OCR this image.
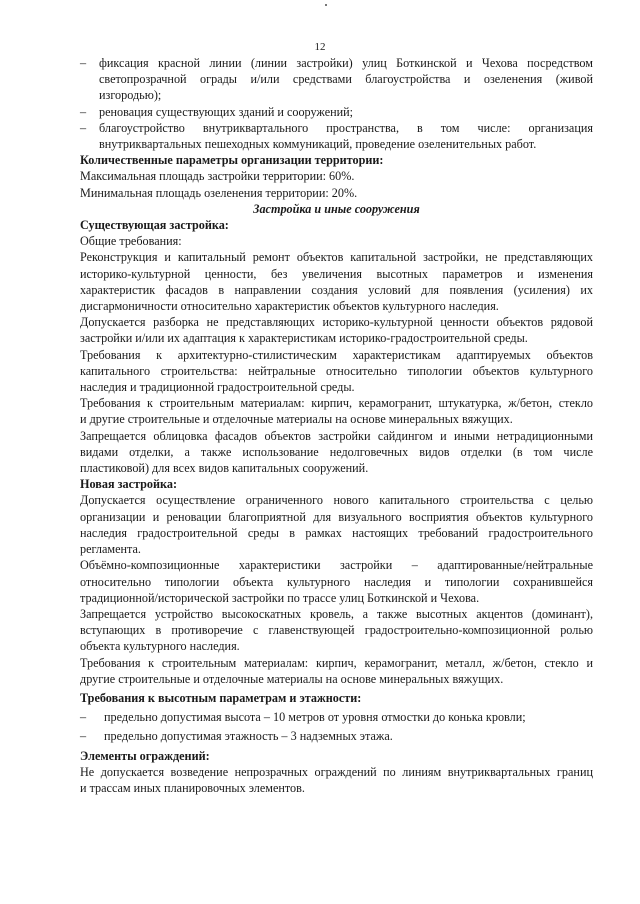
12
– фиксация красной линии (линии застройки) улиц Боткинской и Чехова посредством
светопрозрачной ограды и/или средствами благоустройства и озеленения (живой
изгородью);
– реновация существующих зданий и сооружений;
– благоустройство внутриквартального пространства, в том числе: организация
внутриквартальных пешеходных коммуникаций, проведение озеленительных работ.
Количественные параметры организации территории:
Максимальная площадь застройки территории: 60%.
Минимальная площадь озеленения территории: 20%.
Застройка и иные сооружения
Существующая застройка:
Общие требования:
Реконструкция и капитальный ремонт объектов капитальной застройки, не представляющих
историко-культурной ценности, без увеличения высотных параметров и изменения
характеристик фасадов в направлении создания условий для появления (усиления) их
дисгармоничности относительно характеристик объектов культурного наследия.
Допускается разборка не представляющих историко-культурной ценности объектов рядовой
застройки и/или их адаптация к характеристикам историко-градостроительной среды.
Требования к архитектурно-стилистическим характеристикам адаптируемых объектов
капитального строительства: нейтральные относительно типологии объектов культурного
наследия и традиционной градостроительной среды.
Требования к строительным материалам: кирпич, керамогранит, штукатурка, ж/бетон, стекло
и другие строительные и отделочные материалы на основе минеральных вяжущих.
Запрещается облицовка фасадов объектов застройки сайдингом и иными нетрадиционными
видами отделки, а также использование недолговечных видов отделки (в том числе
пластиковой) для всех видов капитальных сооружений.
Новая застройка:
Допускается осуществление ограниченного нового капитального строительства с целью
организации и реновации благоприятной для визуального восприятия объектов культурного
наследия градостроительной среды в рамках настоящих требований градостроительного
регламента.
Объёмно-композиционные характеристики застройки – адаптированные/нейтральные
относительно типологии объекта культурного наследия и типологии сохранившейся
традиционной/исторической застройки по трассе улиц Боткинской и Чехова.
Запрещается устройство высокоскатных кровель, а также высотных акцентов (доминант),
вступающих в противоречие с главенствующей градостроительно-композиционной ролью
объекта культурного наследия.
Требования к строительным материалам: кирпич, керамогранит, металл, ж/бетон, стекло и
другие строительные и отделочные материалы на основе минеральных вяжущих.
Требования к высотным параметрам и этажности:
– предельно допустимая высота – 10 метров от уровня отмостки до конька кровли;
– предельно допустимая этажность – 3 надземных этажа.
Элементы ограждений:
Не допускается возведение непрозрачных ограждений по линиям внутриквартальных границ
и трассам иных планировочных элементов.
